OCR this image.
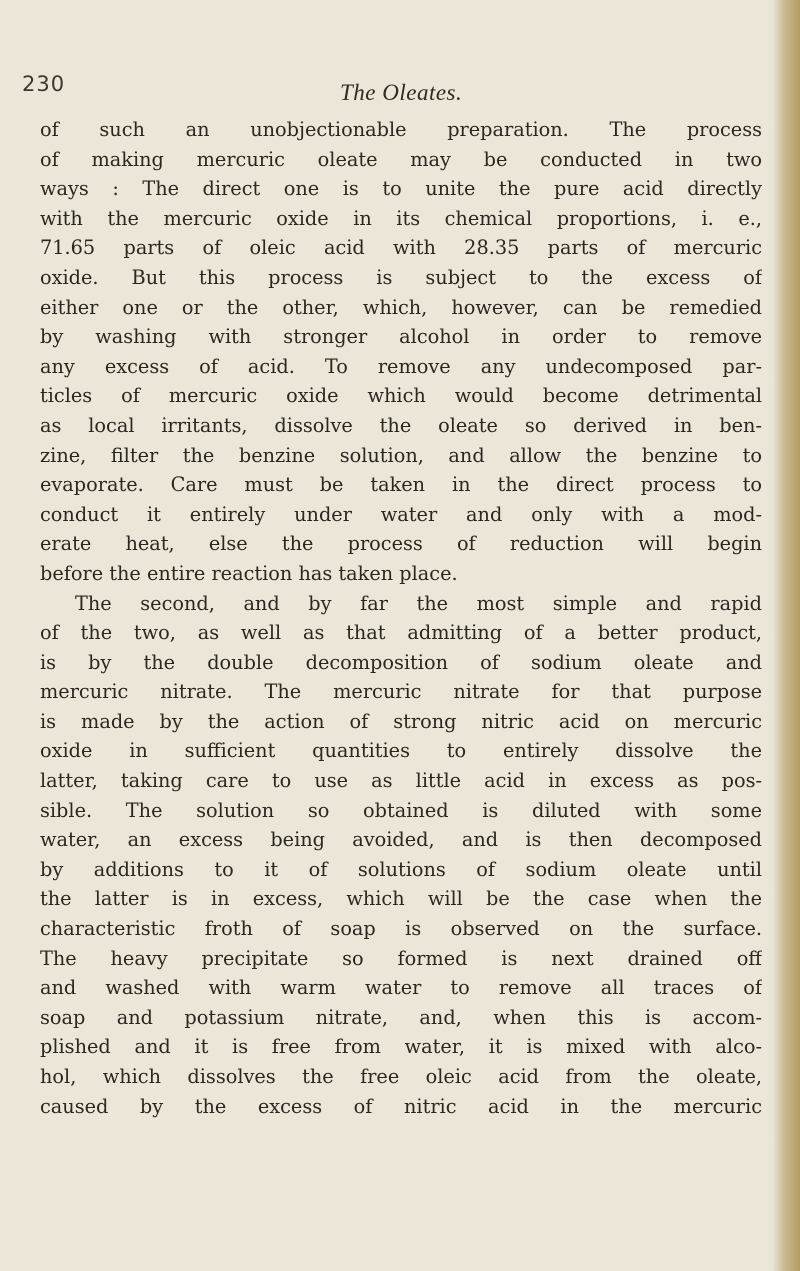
230	The Oleates.
of such an unobjectionable preparation. The process
of making mercuric oleate may be conducted in two
ways : The direct one is to unite the pure acid directly
with the mercuric oxide in its chemical proportions, i. e.,
71.65 parts of oleic acid with 28.35 parts of mercuric
oxide. But this process is subject to the excess of
either one or the other, which, however, can be remedied
by washing with stronger alcohol in order to remove
any excess of acid. To remove any undecomposed par-
ticles of mercuric oxide which would become detrimental
as local irritants, dissolve the oleate so derived in ben-
zine, filter the benzine solution, and allow the benzine to
evaporate. Care must be taken in the direct process to
conduct it entirely under water and only with a mod-
erate heat, else the process of reduction will begin
before the entire reaction has taken place.
The second, and by far the most simple and rapid
of the two, as well as that admitting of a better product,
is by the double decomposition of sodium oleate and
mercuric nitrate. The mercuric nitrate for that purpose
is made by the action of strong nitric acid on mercuric
oxide in sufficient quantities to entirely dissolve the
latter, taking care to use as little acid in excess as pos-
sible. The solution so obtained is diluted with some
water, an excess being avoided, and is then decomposed
by additions to it of solutions of sodium oleate until
the latter is in excess, which will be the case when the
characteristic froth of soap is observed on the surface.
The heavy precipitate so formed is next drained off
and washed with warm water to remove all traces of
soap and potassium nitrate, and, when this is accom-
plished and it is free from water, it is mixed with alco-
hol, which dissolves the free oleic acid from the oleate,
caused by the excess of nitric acid in the mercuric
